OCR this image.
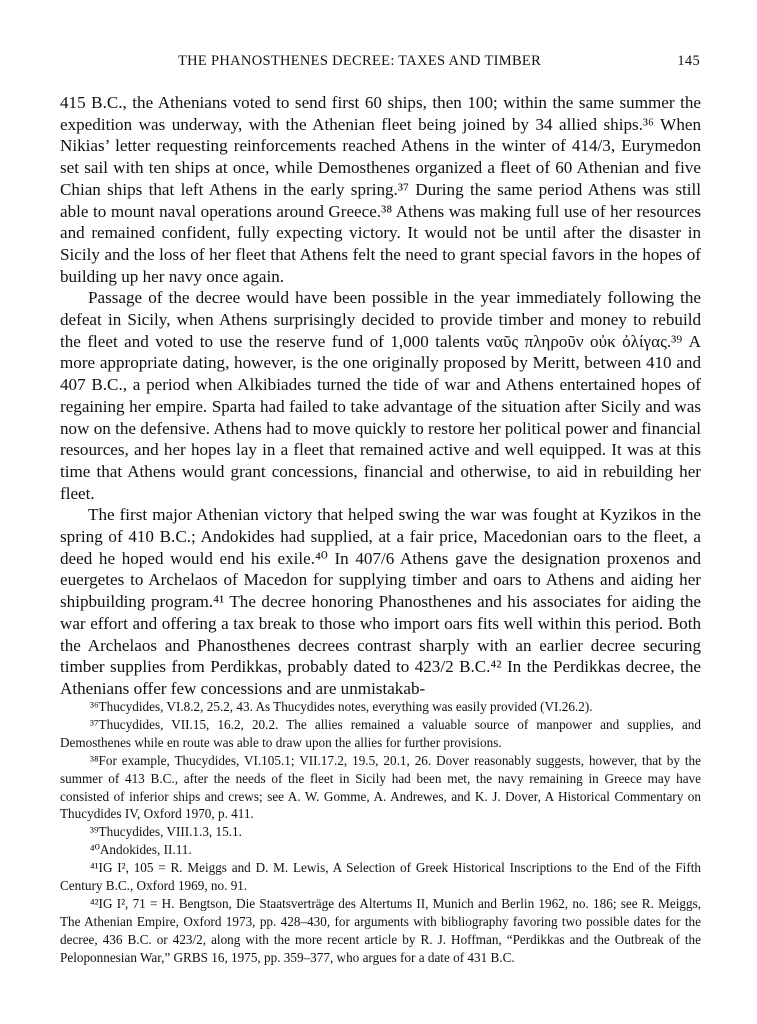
THE PHANOSTHENES DECREE: TAXES AND TIMBER	145

415 B.C., the Athenians voted to send first 60 ships, then 100; within the same summer the expedition was underway, with the Athenian fleet being joined by 34 allied ships.³⁶ When Nikias’ letter requesting reinforcements reached Athens in the winter of 414/3, Eurymedon set sail with ten ships at once, while Demosthenes organized a fleet of 60 Athenian and five Chian ships that left Athens in the early spring.³⁷ During the same period Athens was still able to mount naval operations around Greece.³⁸ Athens was making full use of her resources and remained confident, fully expecting victory. It would not be until after the disaster in Sicily and the loss of her fleet that Athens felt the need to grant special favors in the hopes of building up her navy once again.

Passage of the decree would have been possible in the year immediately following the defeat in Sicily, when Athens surprisingly decided to provide timber and money to rebuild the fleet and voted to use the reserve fund of 1,000 talents ναῦς πληροῦν οὐκ ὀλίγας.³⁹ A more appropriate dating, however, is the one originally proposed by Meritt, between 410 and 407 B.C., a period when Alkibiades turned the tide of war and Athens entertained hopes of regaining her empire. Sparta had failed to take advantage of the situation after Sicily and was now on the defensive. Athens had to move quickly to restore her political power and financial resources, and her hopes lay in a fleet that remained active and well equipped. It was at this time that Athens would grant concessions, financial and otherwise, to aid in rebuilding her fleet.

The first major Athenian victory that helped swing the war was fought at Kyzikos in the spring of 410 B.C.; Andokides had supplied, at a fair price, Macedonian oars to the fleet, a deed he hoped would end his exile.⁴⁰ In 407/6 Athens gave the designation proxenos and euergetes to Archelaos of Macedon for supplying timber and oars to Athens and aiding her shipbuilding program.⁴¹ The decree honoring Phanosthenes and his associates for aiding the war effort and offering a tax break to those who import oars fits well within this period. Both the Archelaos and Phanosthenes decrees contrast sharply with an earlier decree securing timber supplies from Perdikkas, probably dated to 423/2 B.C.⁴² In the Perdikkas decree, the Athenians offer few concessions and are unmistakab-

³⁶Thucydides, VI.8.2, 25.2, 43. As Thucydides notes, everything was easily provided (VI.26.2).

³⁷Thucydides, VII.15, 16.2, 20.2. The allies remained a valuable source of manpower and supplies, and Demosthenes while en route was able to draw upon the allies for further provisions.

³⁸For example, Thucydides, VI.105.1; VII.17.2, 19.5, 20.1, 26. Dover reasonably suggests, however, that by the summer of 413 B.C., after the needs of the fleet in Sicily had been met, the navy remaining in Greece may have consisted of inferior ships and crews; see A. W. Gomme, A. Andrewes, and K. J. Dover, A Historical Commentary on Thucydides IV, Oxford 1970, p. 411.

³⁹Thucydides, VIII.1.3, 15.1.

⁴⁰Andokides, II.11.

⁴¹IG I², 105 = R. Meiggs and D. M. Lewis, A Selection of Greek Historical Inscriptions to the End of the Fifth Century B.C., Oxford 1969, no. 91.

⁴²IG I², 71 = H. Bengtson, Die Staatsverträge des Altertums II, Munich and Berlin 1962, no. 186; see R. Meiggs, The Athenian Empire, Oxford 1973, pp. 428–430, for arguments with bibliography favoring two possible dates for the decree, 436 B.C. or 423/2, along with the more recent article by R. J. Hoffman, “Perdikkas and the Outbreak of the Peloponnesian War,” GRBS 16, 1975, pp. 359–377, who argues for a date of 431 B.C.
